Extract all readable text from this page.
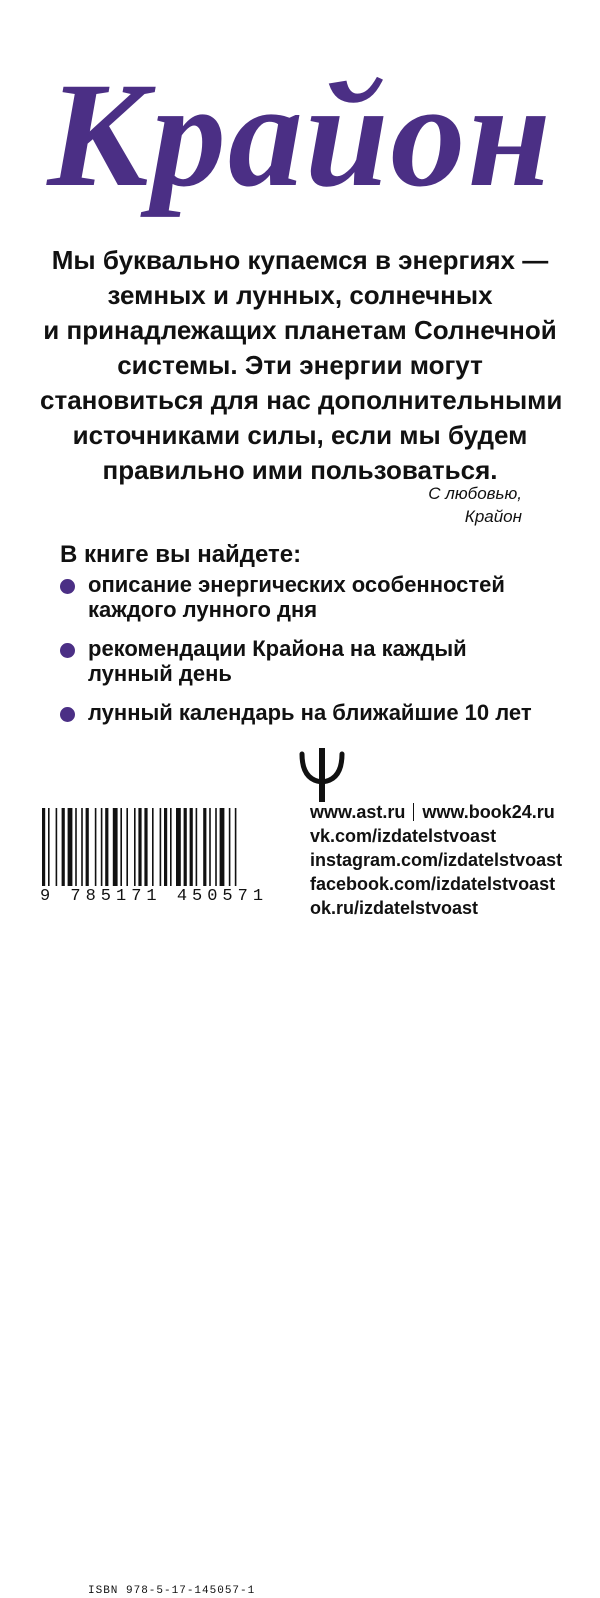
Крайон

Мы буквально купаемся в энергиях —
земных и лунных, солнечных
и принадлежащих планетам Солнечной
системы. Эти энергии могут
становиться для нас дополнительными
источниками силы, если мы будем
правильно ими пользоваться.

С любовью,
Крайон
В книге вы найдете:
описание энергических особенностей
каждого лунного дня
рекомендации Крайона на каждый
лунный день
лунный календарь на ближайшие 10 лет
ISBN 978-5-17-145057-1
9 785171 450571
www.ast.ru www.book24.ru
vk.com/izdatelstvoast
instagram.com/izdatelstvoast
facebook.com/izdatelstvoast
ok.ru/izdatelstvoast
